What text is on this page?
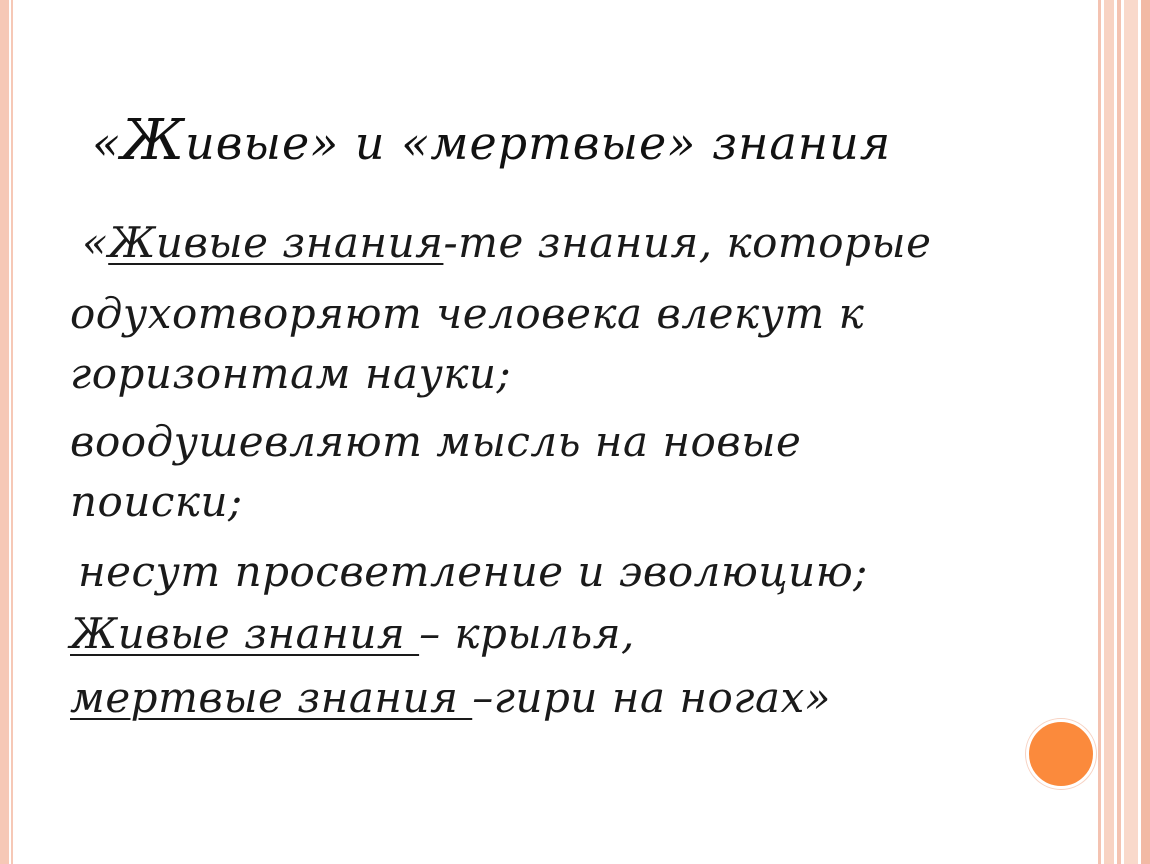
«Живые» и «мертвые» знания

«Живые знания-те знания, которые

одухотворяют человека влекут к

горизонтам науки;

воодушевляют мысль на новые

поиски;

несут просветление и эволюцию;

Живые знания – крылья,

мертвые знания –гири на ногах»
